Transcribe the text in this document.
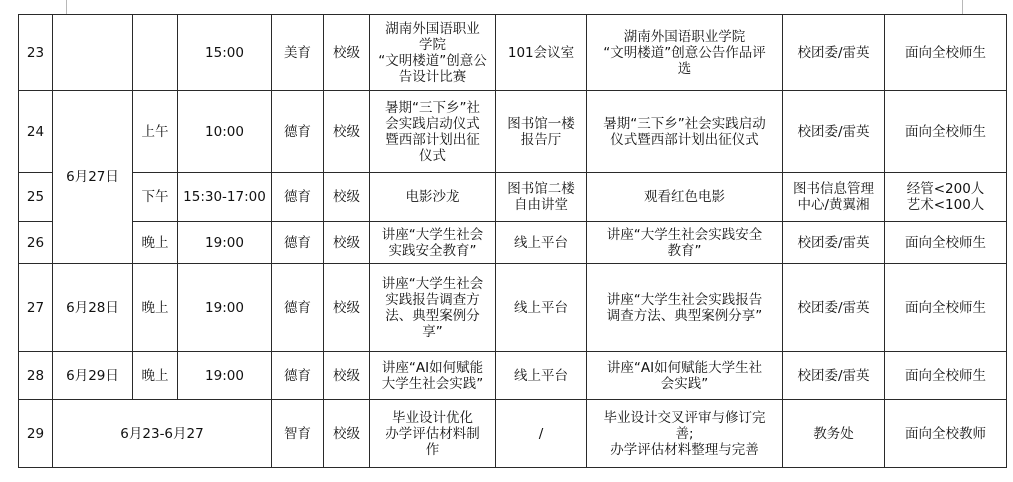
23			15:00	美育	校级	湖南外国语职业
学院
“文明楼道”创意公
告设计比赛	101会议室	湖南外国语职业学院
“文明楼道”创意公告作品评
选	校团委/雷英	面向全校师生

24	6月27日	上午	10:00	德育	校级	暑期“三下乡”社
会实践启动仪式
暨西部计划出征
仪式	图书馆一楼
报告厅	暑期“三下乡”社会实践启动
仪式暨西部计划出征仪式	校团委/雷英	面向全校师生

25		下午	15:30-17:00	德育	校级	电影沙龙	图书馆二楼
自由讲堂	观看红色电影	图书信息管理
中心/黄翼湘	经管<200人
艺术<100人

26		晚上	19:00	德育	校级	讲座“大学生社会
实践安全教育”	线上平台	讲座“大学生社会实践安全
教育”	校团委/雷英	面向全校师生

27	6月28日	晚上	19:00	德育	校级	讲座“大学生社会
实践报告调查方
法、典型案例分
享”	线上平台	讲座“大学生社会实践报告
调查方法、典型案例分享”	校团委/雷英	面向全校师生

28	6月29日	晚上	19:00	德育	校级	讲座“AI如何赋能
大学生社会实践”	线上平台	讲座“AI如何赋能大学生社
会实践”	校团委/雷英	面向全校师生

29	6月23-6月27			智育	校级	毕业设计优化
办学评估材料制
作	/	毕业设计交叉评审与修订完
善;
办学评估材料整理与完善	教务处	面向全校教师
